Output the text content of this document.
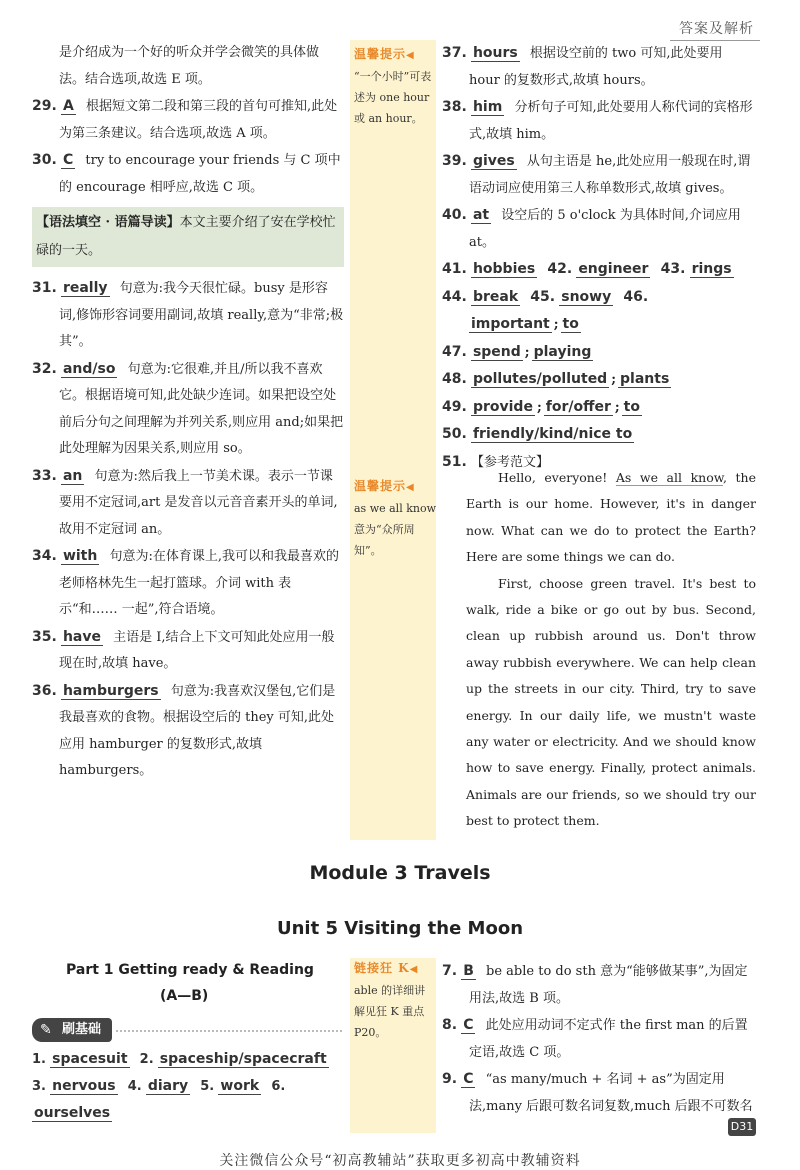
答案及解析
温馨提示◀
“一个小时”可表述为 one hour 或 an hour。
温馨提示◀
as we all know 意为“众所周知”。
链接狂 K◀
able 的详细讲解见狂 K 重点 P20。
是介绍成为一个好的听众并学会微笑的具体做法。结合选项,故选 E 项。
29. A 根据短文第二段和第三段的首句可推知,此处为第三条建议。结合选项,故选 A 项。
30. C try to encourage your friends 与 C 项中的 encourage 相呼应,故选 C 项。
【语法填空 · 语篇导读】本文主要介绍了安在学校忙碌的一天。
31. really 句意为:我今天很忙碌。busy 是形容词,修饰形容词要用副词,故填 really,意为“非常;极其”。
32. and/so 句意为:它很难,并且/所以我不喜欢它。根据语境可知,此处缺少连词。如果把设空处前后分句之间理解为并列关系,则应用 and;如果把此处理解为因果关系,则应用 so。
33. an 句意为:然后我上一节美术课。表示一节课要用不定冠词,art 是发音以元音音素开头的单词,故用不定冠词 an。
34. with 句意为:在体育课上,我可以和我最喜欢的老师格林先生一起打篮球。介词 with 表示“和…… 一起”,符合语境。
35. have 主语是 I,结合上下文可知此处应用一般现在时,故填 have。
36. hamburgers 句意为:我喜欢汉堡包,它们是我最喜欢的食物。根据设空后的 they 可知,此处应用 hamburger 的复数形式,故填 hamburgers。
37. hours 根据设空前的 two 可知,此处要用 hour 的复数形式,故填 hours。
38. him 分析句子可知,此处要用人称代词的宾格形式,故填 him。
39. gives 从句主语是 he,此处应用一般现在时,谓语动词应使用第三人称单数形式,故填 gives。
40. at 设空后的 5 o'clock 为具体时间,介词应用 at。
41. hobbies 42. engineer 43. rings
44. break 45. snowy 46. important ; to
47. spend ; playing
48. pollutes/polluted ; plants
49. provide ; for/offer ; to
50. friendly/kind/nice to
51. 【参考范文】

Hello, everyone! As we all know, the Earth is our home. However, it's in danger now. What can we do to protect the Earth? Here are some things we can do.

First, choose green travel. It's best to walk, ride a bike or go out by bus. Second, clean up rubbish around us. Don't throw away rubbish everywhere. We can help clean up the streets in our city. Third, try to save energy. In our daily life, we mustn't waste any water or electricity. And we should know how to save energy. Finally, protect animals. Animals are our friends, so we should try our best to protect them.

Module 3 Travels
Unit 5 Visiting the Moon
Part 1 Getting ready & Reading
(A—B)
✎ 刷基础
1. spacesuit 2. spaceship/spacecraft
3. nervous 4. diary 5. work 6. ourselves
7. B be able to do sth 意为“能够做某事”,为固定用法,故选 B 项。
8. C 此处应用动词不定式作 the first man 的后置定语,故选 C 项。
9. C “as many/much + 名词 + as”为固定用法,many 后跟可数名词复数,much 后跟不可数名
D31
关注微信公众号“初高教辅站”获取更多初高中教辅资料
